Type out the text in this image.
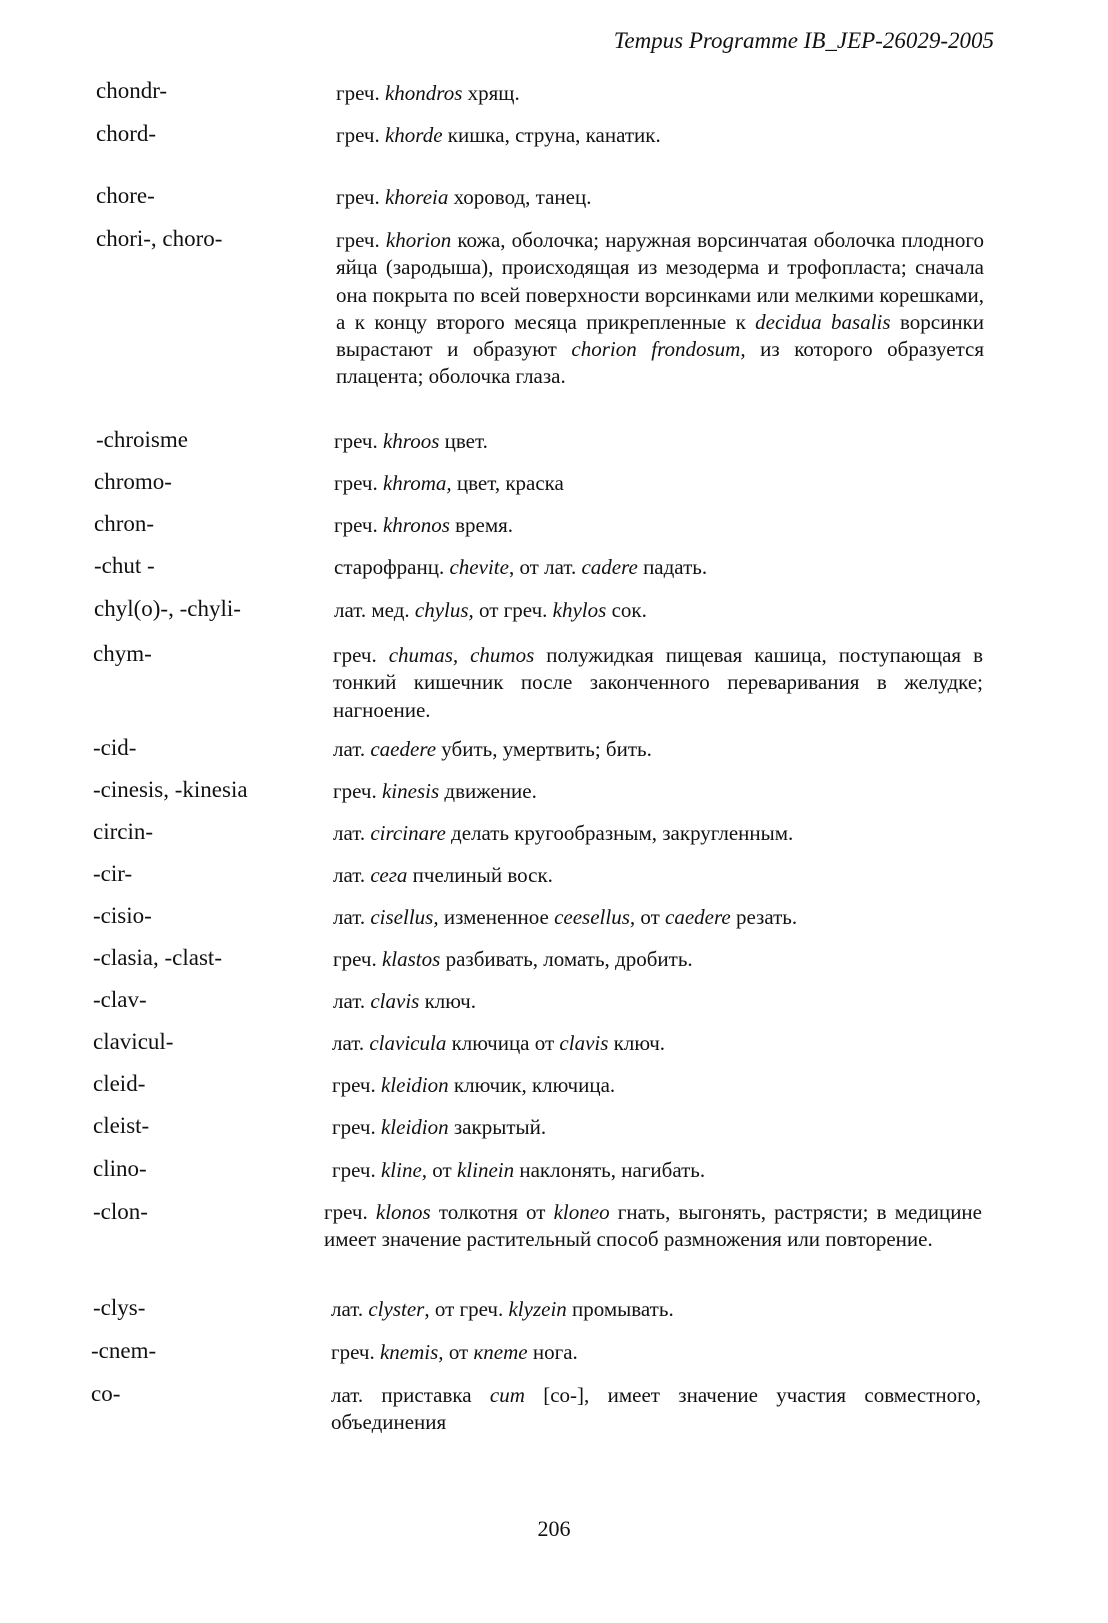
Tempus Programme IB_JEP-26029-2005
chondr-	греч. khondros хрящ.
chord-	греч. khorde кишка, струна, канатик.
chore-	греч. khoreia хоровод, танец.
chori-, choro-	греч. khorion кожа, оболочка; наружная ворсинчатая оболочка плодного яйца (зародыша), происходящая из мезодерма и трофопласта; сначала она покрыта по всей поверхности ворсинками или мелкими корешками, а к концу второго месяца прикрепленные к decidua basalis ворсинки вырастают и образуют chorion frondosum, из которого образуется плацента; оболочка глаза.
-chroisme	греч. khroos цвет.
chromo-	греч. khroma, цвет, краска
chron-	греч. khronos время.
-chut -	старофранц. chevite, от лат. cadere падать.
chyl(o)-, -chyli-	лат. мед. chylus, от греч. khylos сок.
chym-	греч. chumas, chumos полужидкая пищевая кашица, поступающая в тонкий кишечник после законченного переваривания в желудке; нагноение.
-cid-	лат. caedere убить, умертвить; бить.
-cinesis, -kinesia	греч. kinesis движение.
circin-	лат. circinare делать кругообразным, закругленным.
-cir-	лат. сега пчелиный воск.
-cisio-	лат. cisellus, измененное ceesellus, от caedere резать.
-clasia, -clast-	греч. klastos разбивать, ломать, дробить.
-clav-	лат. clavis ключ.
clavicul-	лат. clavicula ключица от clavis ключ.
cleid-	греч. kleidion ключик, ключица.
cleist-	греч. kleidion закрытый.
clino-	греч. kline, от klinein наклонять, нагибать.
-clon-	греч. klonos толкотня от kloneo гнать, выгонять, растрясти; в медицине имеет значение растительный способ размножения или повторение.
-clys-	лат. clyster, от греч. klyzein промывать.
-cnem-	греч. knemis, от кпеme нога.
co-	лат. приставка cum [co-], имеет значение участия совместного, объединения
206
